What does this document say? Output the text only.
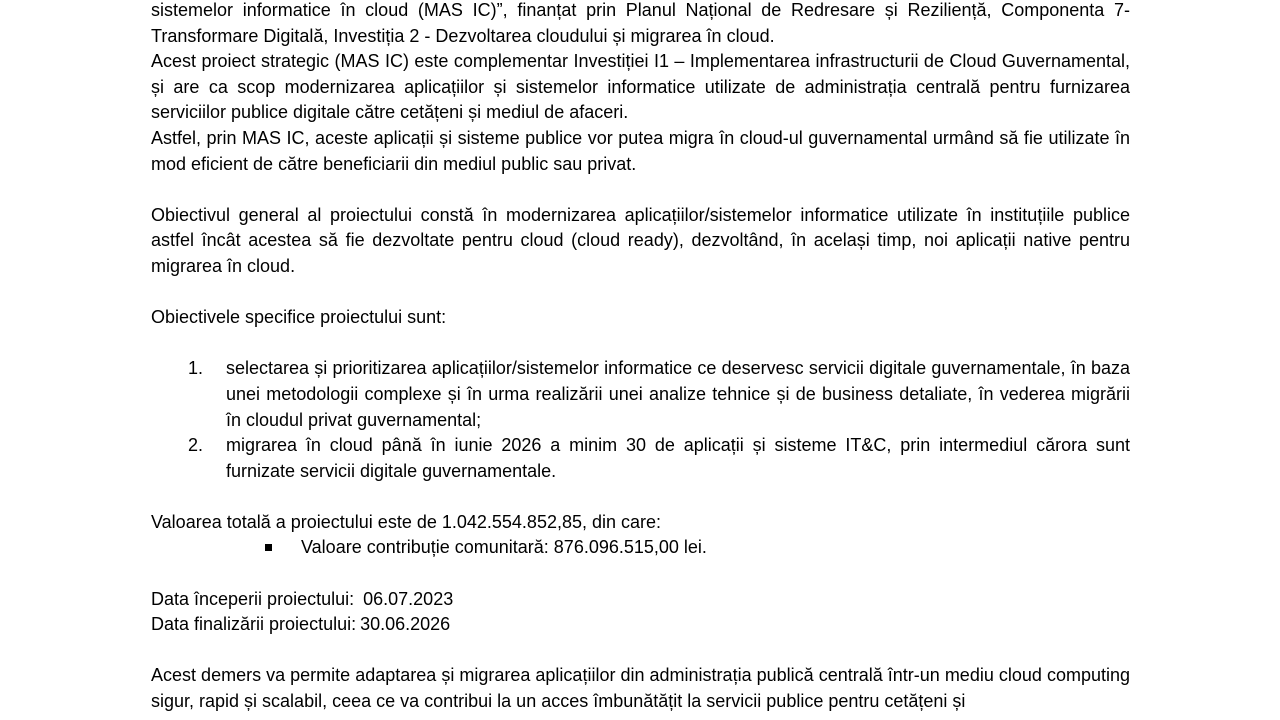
sistemelor informatice în cloud (MAS IC)”, finanțat prin Planul Național de Redresare și Reziliență, Componenta 7-Transformare Digitală, Investiția 2 - Dezvoltarea cloudului și migrarea în cloud.

Acest proiect strategic (MAS IC) este complementar Investiției I1 – Implementarea infrastructurii de Cloud Guvernamental, și are ca scop modernizarea aplicațiilor și sistemelor informatice utilizate de administrația centrală pentru furnizarea serviciilor publice digitale către cetățeni și mediul de afaceri.

Astfel, prin MAS IC, aceste aplicații și sisteme publice vor putea migra în cloud-ul guvernamental urmând să fie utilizate în mod eficient de către beneficiarii din mediul public sau privat.

Obiectivul general al proiectului constă în modernizarea aplicațiilor/sistemelor informatice utilizate în instituțiile publice astfel încât acestea să fie dezvoltate pentru cloud (cloud ready), dezvoltând, în același timp, noi aplicații native pentru migrarea în cloud.

Obiectivele specifice proiectului sunt:

1. selectarea și prioritizarea aplicațiilor/sistemelor informatice ce deservesc servicii digitale guvernamentale, în baza unei metodologii complexe și în urma realizării unei analize tehnice și de business detaliate, în vederea migrării în cloudul privat guvernamental;
2. migrarea în cloud până în iunie 2026 a minim 30 de aplicații și sisteme IT&C, prin intermediul cărora sunt furnizate servicii digitale guvernamentale.

Valoarea totală a proiectului este de 1.042.554.852,85, din care:

Valoare contribuție comunitară: 876.096.515,00 lei.

Data începerii proiectului: 06.07.2023

Data finalizării proiectului: 30.06.2026

Acest demers va permite adaptarea și migrarea aplicațiilor din administrația publică centrală într-un mediu cloud computing sigur, rapid și scalabil, ceea ce va contribui la un acces îmbunătățit la servicii publice pentru cetățeni și
